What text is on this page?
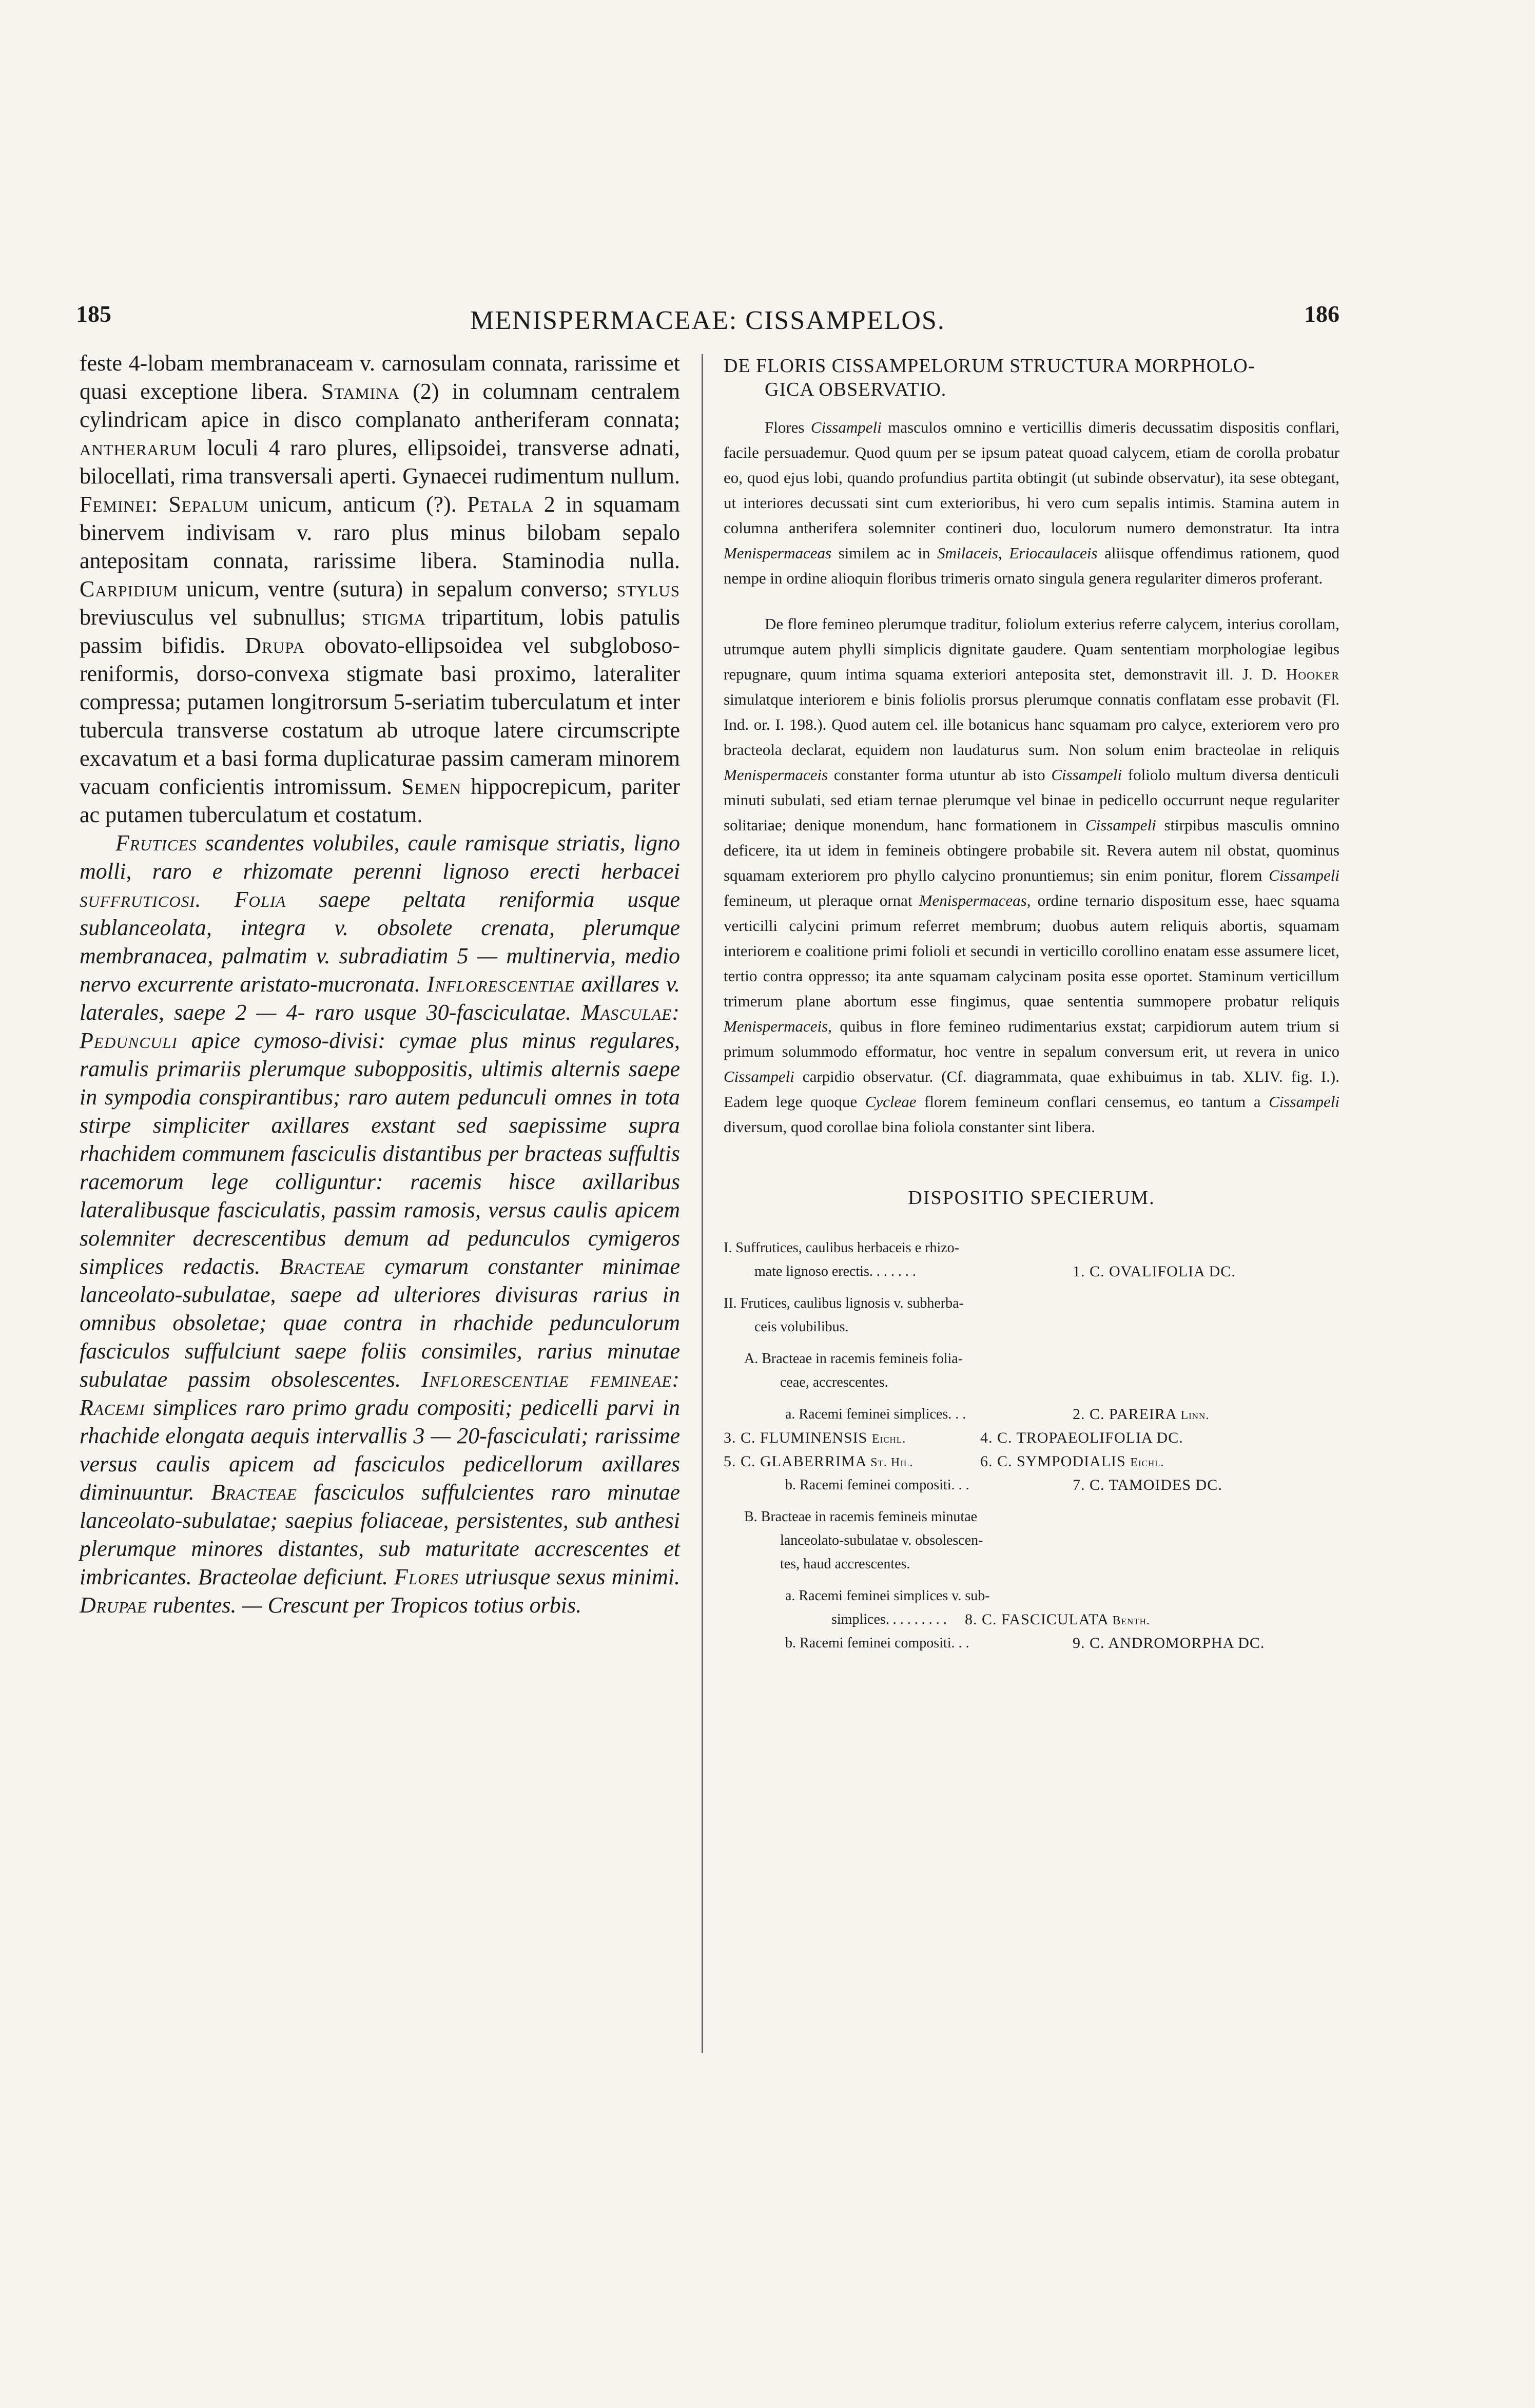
185	MENISPERMACEAE: CISSAMPELOS.	186

feste 4-lobam membranaceam v. carnosulam connata, rarissime et quasi exceptione libera. Stamina (2) in columnam centralem cylindricam apice in disco complanato antheriferam connata; antherarum loculi 4 raro plures, ellipsoidei, transverse adnati, bilocellati, rima transversali aperti. Gynaecei rudimentum nullum. Feminei: Sepalum unicum, anticum (?). Petala 2 in squamam binervem indivisam v. raro plus minus bilobam sepalo antepositam connata, rarissime libera. Staminodia nulla. Carpidium unicum, ventre (sutura) in sepalum converso; stylus breviusculus vel subnullus; stigma tripartitum, lobis patulis passim bifidis. Drupa obovato-ellipsoidea vel subgloboso-reniformis, dorso-convexa stigmate basi proximo, lateraliter compressa; putamen longitrorsum 5-seriatim tuberculatum et inter tubercula transverse costatum ab utroque latere circumscripte excavatum et a basi forma duplicaturae passim cameram minorem vacuam conficientis intromissum. Semen hippocrepicum, pariter ac putamen tuberculatum et costatum.

Frutices scandentes volubiles, caule ramisque striatis, ligno molli, raro e rhizomate perenni lignoso erecti herbacei suffruticosi. Folia saepe peltata reniformia usque sublanceolata, integra v. obsolete crenata, plerumque membranacea, palmatim v. subradiatim 5 — multinervia, medio nervo excurrente aristato-mucronata. Inflorescentiae axillares v. laterales, saepe 2 — 4- raro usque 30-fasciculatae. Masculae: Pedunculi apice cymoso-divisi: cymae plus minus regulares, ramulis primariis plerumque suboppositis, ultimis alternis saepe in sympodia conspirantibus; raro autem pedunculi omnes in tota stirpe simpliciter axillares exstant sed saepissime supra rhachidem communem fasciculis distantibus per bracteas suffultis racemorum lege colliguntur: racemis hisce axillaribus lateralibusque fasciculatis, passim ramosis, versus caulis apicem solemniter decrescentibus demum ad pedunculos cymigeros simplices redactis. Bracteae cymarum constanter minimae lanceolato-subulatae, saepe ad ulteriores divisuras rarius in omnibus obsoletae; quae contra in rhachide pedunculorum fasciculos suffulciunt saepe foliis consimiles, rarius minutae subulatae passim obsolescentes. Inflorescentiae femineae: Racemi simplices raro primo gradu compositi; pedicelli parvi in rhachide elongata aequis intervallis 3 — 20-fasciculati; rarissime versus caulis apicem ad fasciculos pedicellorum axillares diminuuntur. Bracteae fasciculos suffulcientes raro minutae lanceolato-subulatae; saepius foliaceae, persistentes, sub anthesi plerumque minores distantes, sub maturitate accrescentes et imbricantes. Bracteolae deficiunt. Flores utriusque sexus minimi. Drupae rubentes. — Crescunt per Tropicos totius orbis.

DE FLORIS CISSAMPELORUM STRUCTURA MORPHOLO-
GICA OBSERVATIO.

Flores Cissampeli masculos omnino e verticillis dimeris decussatim dispositis conflari, facile persuademur. Quod quum per se ipsum pateat quoad calycem, etiam de corolla probatur eo, quod ejus lobi, quando profundius partita obtingit (ut subinde observatur), ita sese obtegant, ut interiores decussati sint cum exterioribus, hi vero cum sepalis intimis. Stamina autem in columna antherifera solemniter contineri duo, loculorum numero demonstratur. Ita intra Menispermaceas similem ac in Smilaceis, Eriocaulaceis aliisque offendimus rationem, quod nempe in ordine alioquin floribus trimeris ornato singula genera regulariter dimeros proferant.

De flore femineo plerumque traditur, foliolum exterius referre calycem, interius corollam, utrumque autem phylli simplicis dignitate gaudere. Quam sententiam morphologiae legibus repugnare, quum intima squama exteriori anteposita stet, demonstravit ill. J. D. Hooker simulatque interiorem e binis foliolis prorsus plerumque connatis conflatam esse probavit (Fl. Ind. or. I. 198.). Quod autem cel. ille botanicus hanc squamam pro calyce, exteriorem vero pro bracteola declarat, equidem non laudaturus sum. Non solum enim bracteolae in reliquis Menispermaceis constanter forma utuntur ab isto Cissampeli foliolo multum diversa denticuli minuti subulati, sed etiam ternae plerumque vel binae in pedicello occurrunt neque regulariter solitariae; denique monendum, hanc formationem in Cissampeli stirpibus masculis omnino deficere, ita ut idem in femineis obtingere probabile sit. Revera autem nil obstat, quominus squamam exteriorem pro phyllo calycino pronuntiemus; sin enim ponitur, florem Cissampeli femineum, ut pleraque ornat Menispermaceas, ordine ternario dispositum esse, haec squama verticilli calycini primum referret membrum; duobus autem reliquis abortis, squamam interiorem e coalitione primi folioli et secundi in verticillo corollino enatam esse assumere licet, tertio contra oppresso; ita ante squamam calycinam posita esse oportet. Staminum verticillum trimerum plane abortum esse fingimus, quae sententia summopere probatur reliquis Menispermaceis, quibus in flore femineo rudimentarius exstat; carpidiorum autem trium si primum solummodo efformatur, hoc ventre in sepalum conversum erit, ut revera in unico Cissampeli carpidio observatur. (Cf. diagrammata, quae exhibuimus in tab. XLIV. fig. I.). Eadem lege quoque Cycleae florem femineum conflari censemus, eo tantum a Cissampeli diversum, quod corollae bina foliola constanter sint libera.

DISPOSITIO SPECIERUM.
I. Suffrutices, caulibus herbaceis e rhizo-
mate lignoso erectis. . . . . . .	1. C. OVALIFOLIA DC.
II. Frutices, caulibus lignosis v. subherba-
ceis volubilibus.
A. Bracteae in racemis femineis folia-
ceae, accrescentes.
a. Racemi feminei simplices. . .	2. C. PAREIRA Linn.
3. C. FLUMINENSIS Eichl.	4. C. TROPAEOLIFOLIA DC.
5. C. GLABERRIMA St. Hil.	6. C. SYMPODIALIS Eichl.
b. Racemi feminei compositi. . .	7. C. TAMOIDES DC.
B. Bracteae in racemis femineis minutae
lanceolato-subulatae v. obsolescen-
tes, haud accrescentes.
a. Racemi feminei simplices v. sub-
simplices. . . . . . . . . 8. C. FASCICULATA Benth.
b. Racemi feminei compositi. . .	9. C. ANDROMORPHA DC.
